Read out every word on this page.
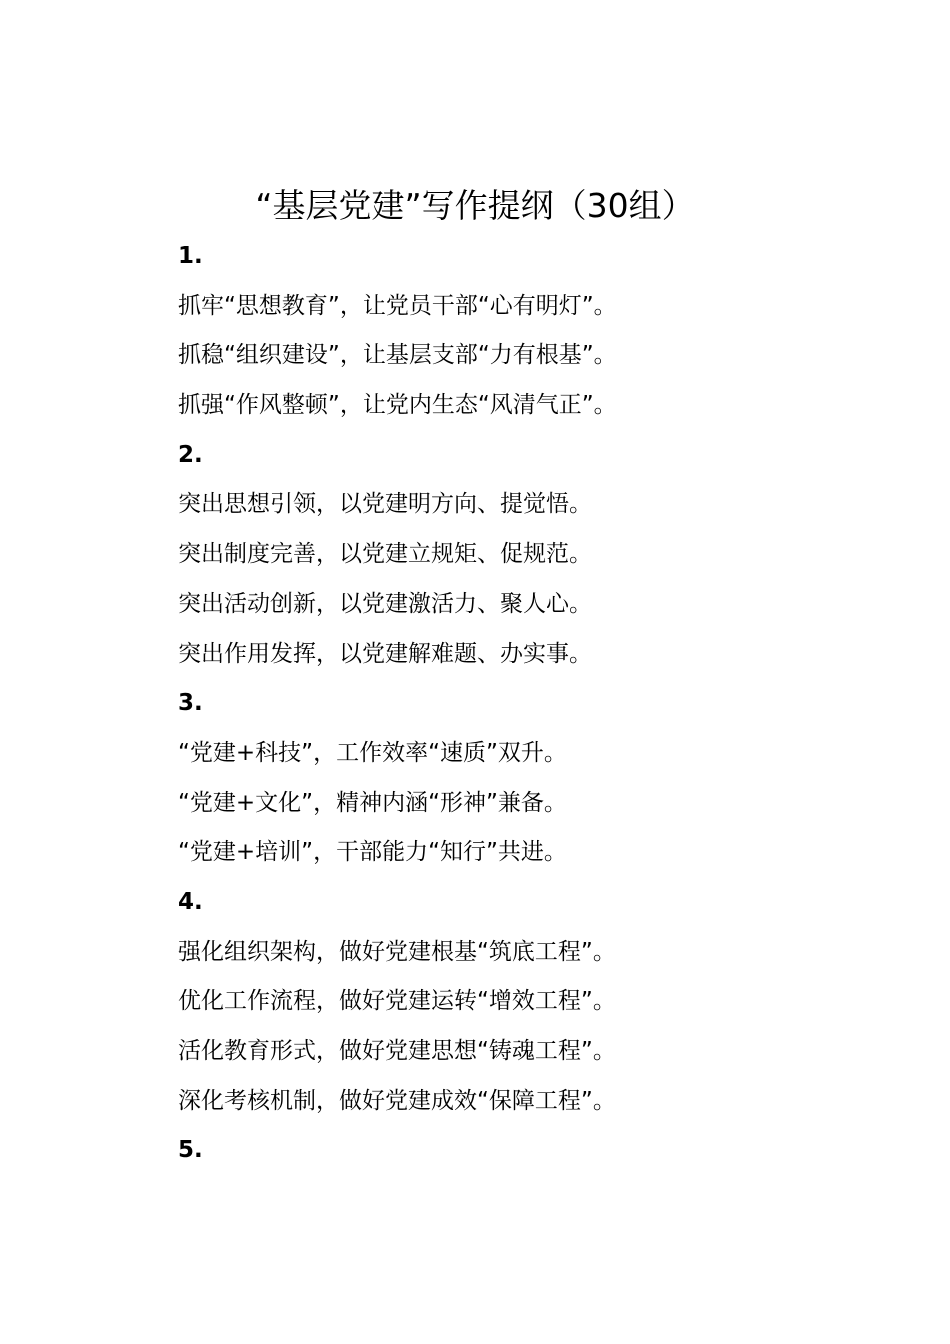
“基层党建”写作提纲（30组）
1.
抓牢“思想教育”，让党员干部“心有明灯”。
抓稳“组织建设”，让基层支部“力有根基”。
抓强“作风整顿”，让党内生态“风清气正”。
2.
突出思想引领，以党建明方向、提觉悟。
突出制度完善，以党建立规矩、促规范。
突出活动创新，以党建激活力、聚人心。
突出作用发挥，以党建解难题、办实事。
3.
“党建+科技”，工作效率“速质”双升。
“党建+文化”，精神内涵“形神”兼备。
“党建+培训”，干部能力“知行”共进。
4.
强化组织架构，做好党建根基“筑底工程”。
优化工作流程，做好党建运转“增效工程”。
活化教育形式，做好党建思想“铸魂工程”。
深化考核机制，做好党建成效“保障工程”。
5.
